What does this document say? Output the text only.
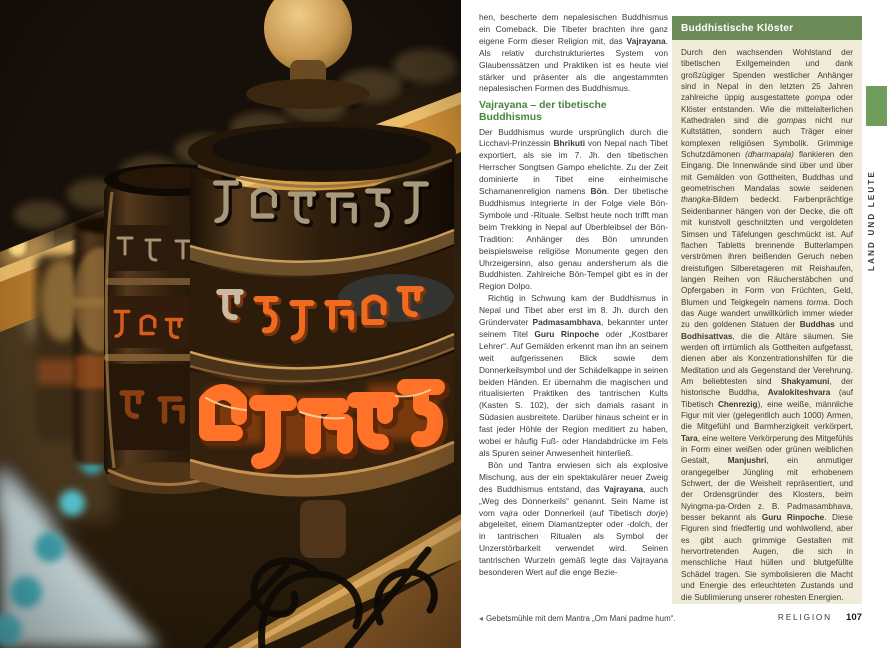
hen, bescherte dem nepalesischen Buddhismus ein Comeback. Die Tibeter brachten ihre ganz eigene Form dieser Religion mit, das Vajrayana. Als relativ durchstrukturiertes System von Glaubenssätzen und Praktiken ist es heute viel stärker und präsenter als die angestammten nepalesischen Formen des Buddhismus.

Vajrayana – der tibetische Buddhismus

Der Buddhismus wurde ursprünglich durch die Licchavi-Prinzessin Bhrikuti von Nepal nach Tibet exportiert, als sie im 7. Jh. den tibetischen Herrscher Songtsen Gampo ehelichte. Zu der Zeit dominierte in Tibet eine einheimische Schamanenreligion namens Bön. Der tibetische Buddhismus integrierte in der Folge viele Bön-Symbole und -Rituale. Selbst heute noch trifft man beim Trekking in Nepal auf Überbleibsel der Bön-Tradition: Anhänger des Bön umrunden beispielsweise religiöse Monumente gegen den Uhrzeigersinn, also genau andersherum als die Buddhisten. Zahlreiche Bön-Tempel gibt es in der Region Dolpo.

Richtig in Schwung kam der Buddhismus in Nepal und Tibet aber erst im 8. Jh. durch den Gründervater Padmasambhava, bekannter unter seinem Titel Guru Rinpoche oder „Kostbarer Lehrer“. Auf Gemälden erkennt man ihn an seinem weit aufgerissenen Blick sowie dem Donnerkeilsymbol und der Schädelkappe in seinen beiden Händen. Er übernahm die magischen und ritualisierten Praktiken des tantrischen Kults (Kasten S. 102), der sich damals rasant in Südasien ausbreitete. Darüber hinaus scheint er in fast jeder Höhle der Region meditiert zu haben, wobei er häufig Fuß- oder Handabdrücke im Fels als Spuren seiner Anwesenheit hinterließ.

Bön und Tantra erwiesen sich als explosive Mischung, aus der ein spektakulärer neuer Zweig des Buddhismus entstand, das Vajrayana, auch „Weg des Donnerkeils“ genannt. Sein Name ist vom vajra oder Donnerkeil (auf Tibetisch dorje) abgeleitet, einem Diamantzepter oder -dolch, der in tantrischen Ritualen als Symbol der Unzerstörbarkeit verwendet wird. Seinen tantrischen Wurzeln gemäß legte das Vajrayana besonderen Wert auf die enge Bezie-

◂ Gebetsmühle mit dem Mantra „Om Mani padme hum“.
Buddhistische Klöster

Durch den wachsenden Wohlstand der tibetischen Exilgemeinden und dank großzügiger Spenden westlicher Anhänger sind in Nepal in den letzten 25 Jahren zahlreiche üppig ausgestattete gompa oder Klöster entstanden. Wie die mittelalterlichen Kathedralen sind die gompas nicht nur Kultstätten, sondern auch Träger einer komplexen religiösen Symbolik. Grimmige Schutzdämonen (dharmapala) flankieren den Eingang. Die Innenwände sind über und über mit Gemälden von Gottheiten, Buddhas und geometrischen Mandalas sowie seidenen thangka-Bildern bedeckt. Farbenprächtige Seidenbanner hängen von der Decke, die oft mit kunstvoll geschnitzten und vergoldeten Simsen und Täfelungen geschmückt ist. Auf flachen Tabletts brennende Butterlampen verströmen ihren beißenden Geruch neben dreistufigen Silberetageren mit Reishaufen, langen Reihen von Räucherstäbchen und Opfergaben in Form von Früchten, Geld, Blumen und Teigkegeln namens torma. Doch das Auge wandert unwillkürlich immer wieder zu den goldenen Statuen der Buddhas und Bodhisattvas, die die Altäre säumen. Sie werden oft irrtümlich als Gottheiten aufgefasst, dienen aber als Konzentrationshilfen für die Meditation und als Gegenstand der Verehrung. Am beliebtesten sind Shakyamuni, der historische Buddha, Avalokiteshvara (auf Tibetisch Chenrezig), eine weiße, männliche Figur mit vier (gelegentlich auch 1000) Armen, die Mitgefühl und Barmherzigkeit verkörpert, Tara, eine weitere Verkörperung des Mitgefühls in Form einer weißen oder grünen weiblichen Gestalt, Manjushri, ein anmutiger orangegelber Jüngling mit erhobenem Schwert, der die Weisheit repräsentiert, und der Ordensgründer des Klosters, beim Nyingma-pa-Orden z. B. Padmasambhava, besser bekannt als Guru Rinpoche. Diese Figuren sind friedfertig und wohlwollend, aber es gibt auch grimmige Gestalten mit hervortretenden Augen, die sich in menschliche Haut hüllen und blutgefüllte Schädel tragen. Sie symbolisieren die Macht und Energie des erleuchteten Zustands und die Sublimierung unserer rohesten Energien.

RELIGION 107
LAND UND LEUTE
